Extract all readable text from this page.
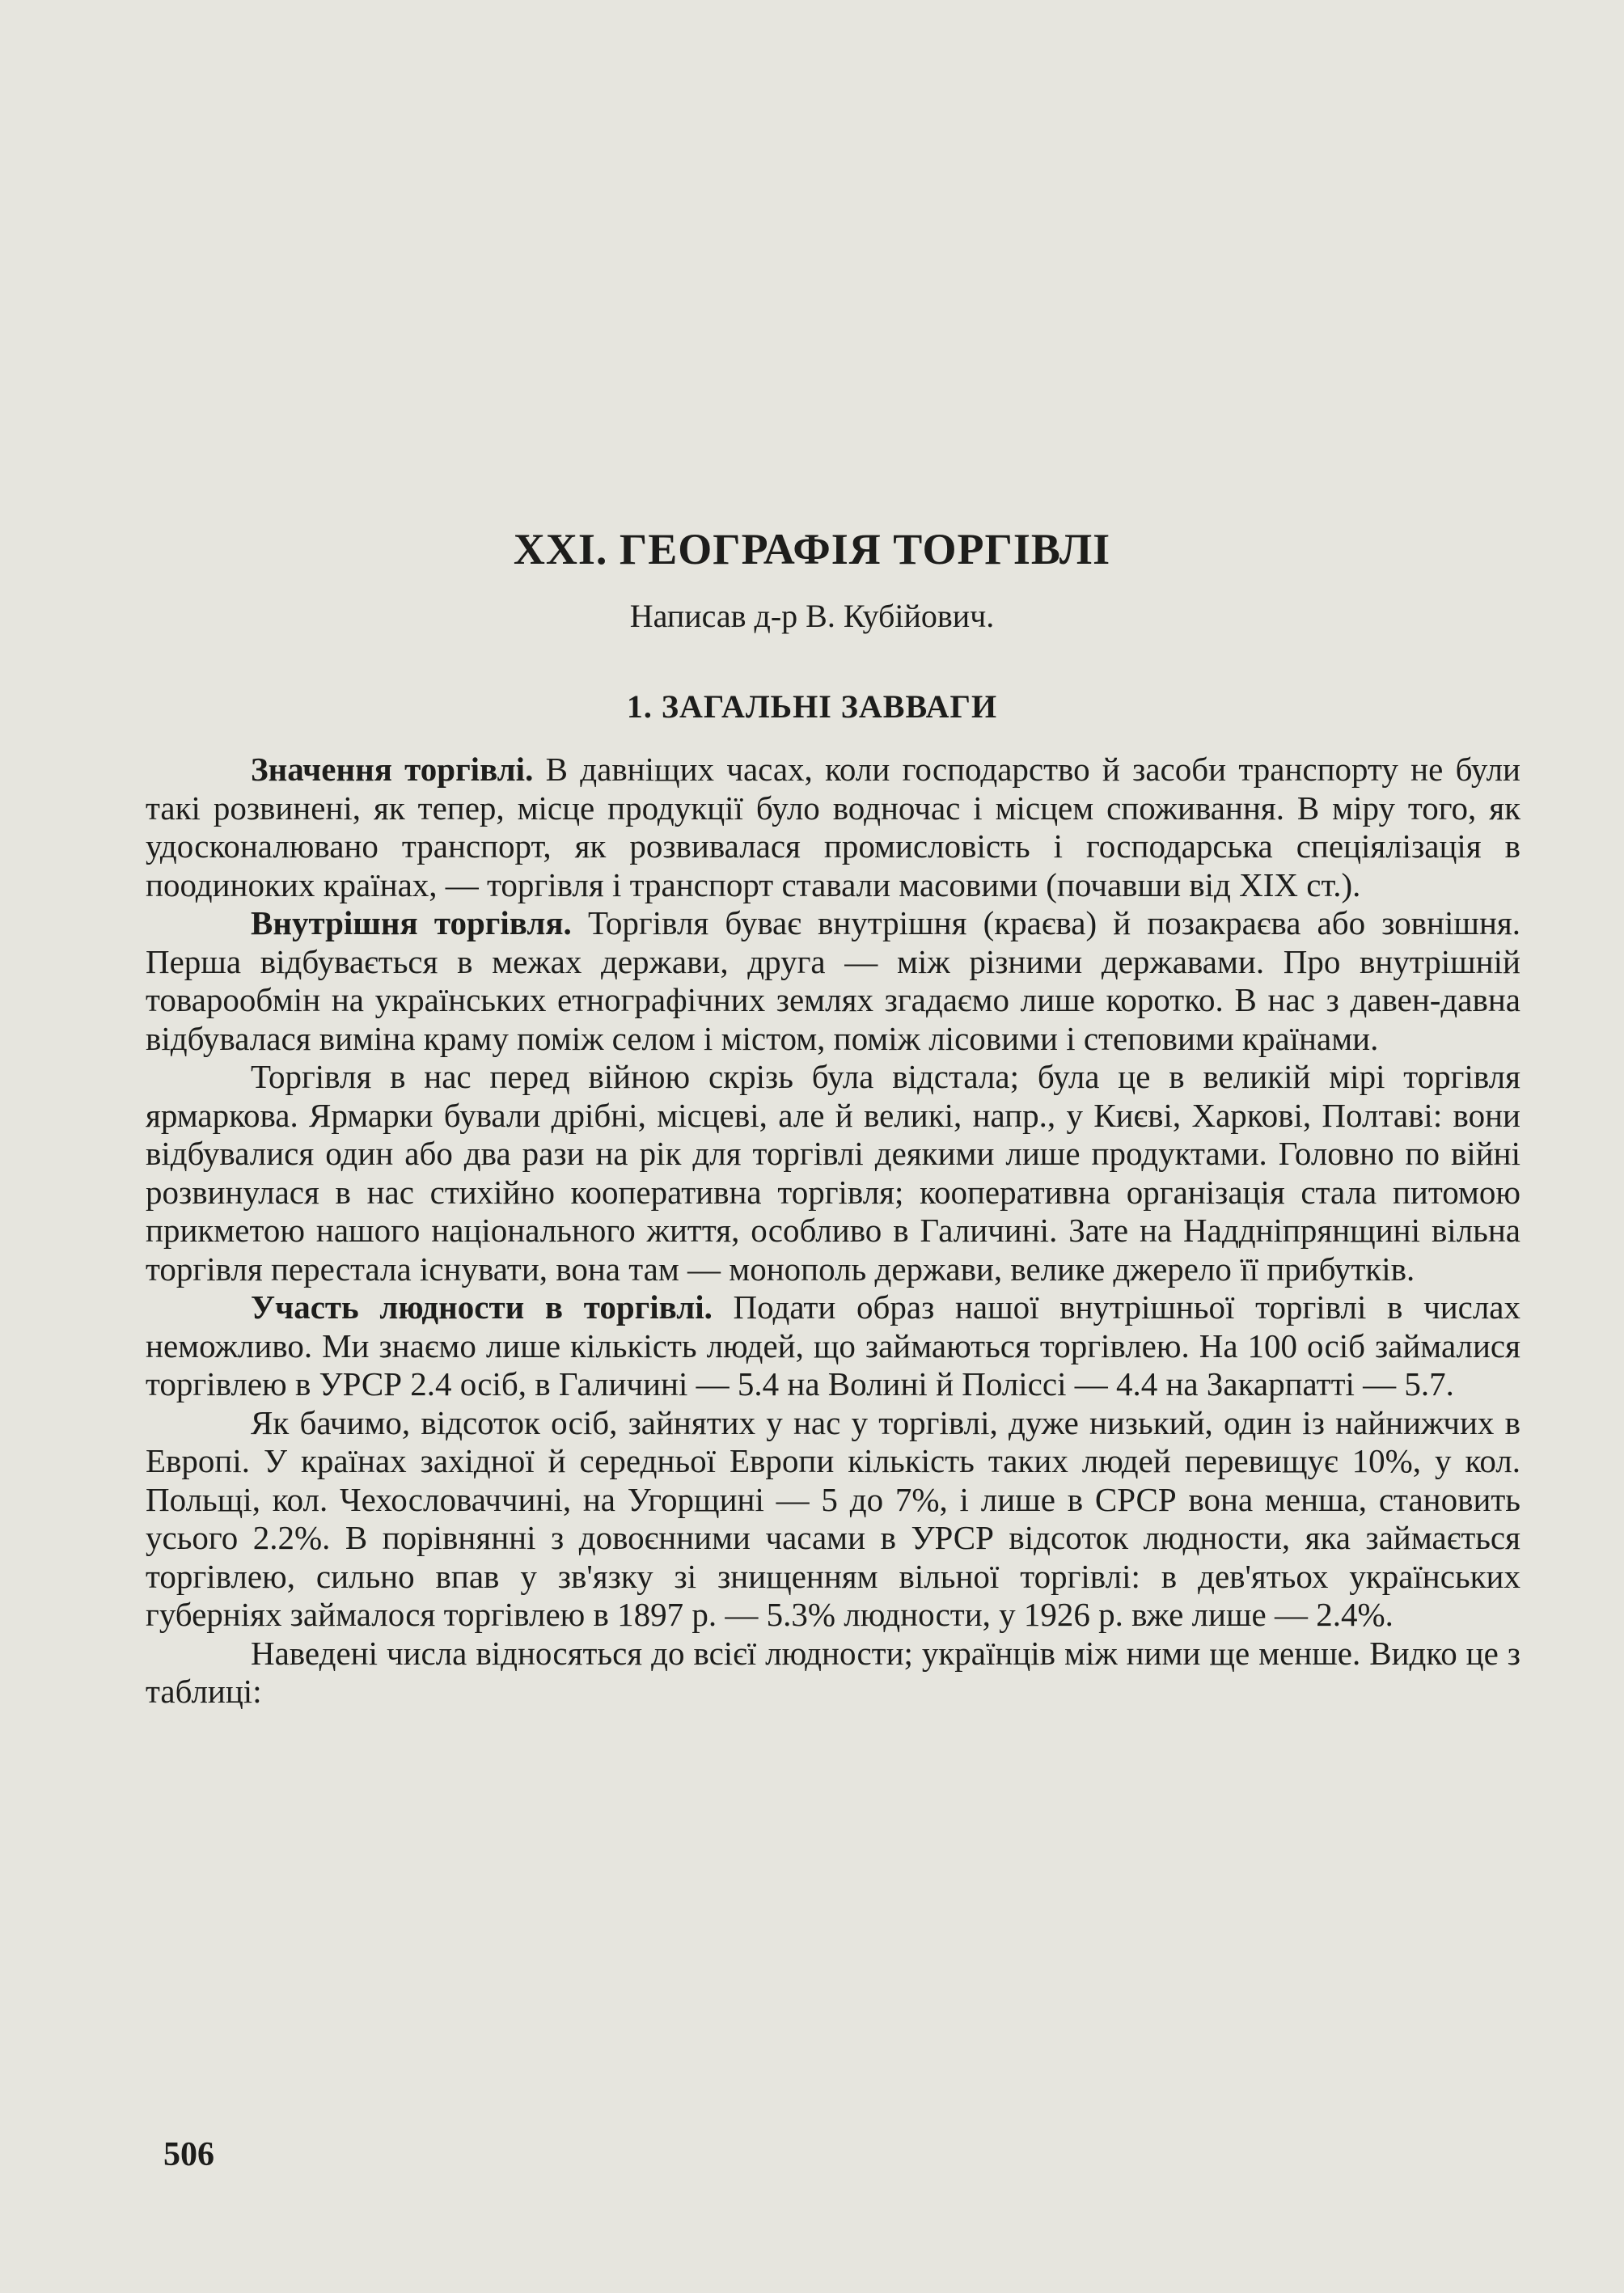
XXI. ГЕОГРАФІЯ ТОРГІВЛІ
Написав д-р В. Кубійович.
1. ЗАГАЛЬНІ ЗАВВАГИ

Значення торгівлі. В давніщих часах, коли господарство й засоби транспорту не були такі розвинені, як тепер, місце продукції було водночас і місцем споживання. В міру того, як удосконалювано транспорт, як розвивалася промисловість і господарська спеціялізація в поодиноких країнах, — торгівля і транспорт ставали масовими (почавши від XIX ст.).

Внутрішня торгівля. Торгівля буває внутрішня (краєва) й позакраєва або зовнішня. Перша відбувається в межах держави, друга — між різними державами. Про внутрішній товарообмін на українських етнографічних землях згадаємо лише коротко. В нас з давен-давна відбувалася виміна краму поміж селом і містом, поміж лісовими і степовими країнами.

Торгівля в нас перед війною скрізь була відстала; була це в великій мірі торгівля ярмаркова. Ярмарки бували дрібні, місцеві, але й великі, напр., у Києві, Харкові, Полтаві: вони відбувалися один або два рази на рік для торгівлі деякими лише продуктами. Головно по війні розвинулася в нас стихійно кооперативна торгівля; кооперативна організація стала питомою прикметою нашого національного життя, особливо в Галичині. Зате на Наддніпрянщині вільна торгівля перестала існувати, вона там — монополь держави, велике джерело її прибутків.

Участь людности в торгівлі. Подати образ нашої внутрішньої торгівлі в числах неможливо. Ми знаємо лише кількість людей, що займаються торгівлею. На 100 осіб займалися торгівлею в УРСР 2.4 осіб, в Галичині — 5.4 на Волині й Поліссі — 4.4 на Закарпатті — 5.7.

Як бачимо, відсоток осіб, зайнятих у нас у торгівлі, дуже низький, один із найнижчих в Европі. У країнах західної й середньої Европи кількість таких людей перевищує 10%, у кол. Польщі, кол. Чехословаччині, на Угорщині — 5 до 7%, і лише в СРСР вона менша, становить усього 2.2%. В порівнянні з довоєнними часами в УРСР відсоток людности, яка займається торгівлею, сильно впав у зв'язку зі знищенням вільної торгівлі: в дев'ятьох українських губерніях займалося торгівлею в 1897 р. — 5.3% людности, у 1926 р. вже лише — 2.4%.

Наведені числа відносяться до всієї людности; українців між ними ще менше. Видко це з таблиці:

506
